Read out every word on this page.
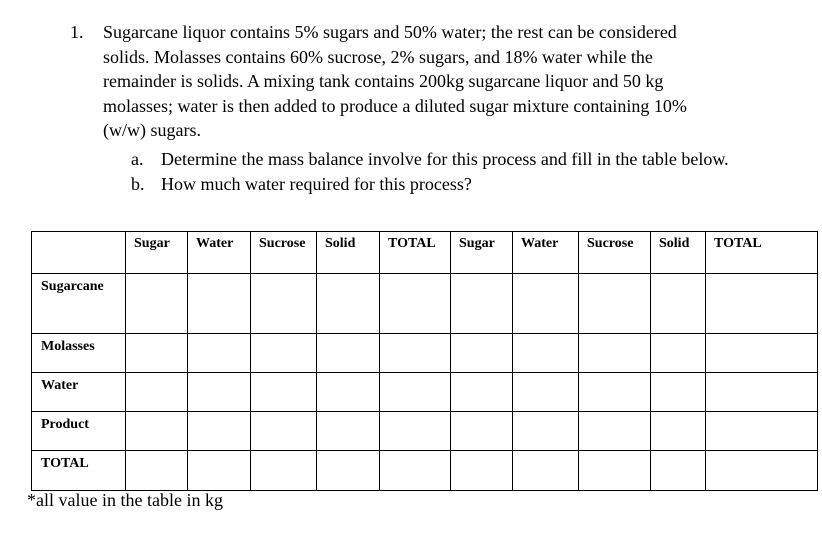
1. Sugarcane liquor contains 5% sugars and 50% water; the rest can be considered
solids. Molasses contains 60% sucrose, 2% sugars, and 18% water while the
remainder is solids. A mixing tank contains 200kg sugarcane liquor and 50 kg
molasses; water is then added to produce a diluted sugar mixture containing 10%
(w/w) sugars.
a. Determine the mass balance involve for this process and fill in the table below.
b. How much water required for this process?
	Sugar	Water	Sucrose	Solid	TOTAL	Sugar	Water	Sucrose	Solid	TOTAL
Sugarcane										
Molasses										
Water										
Product										
TOTAL										
*all value in the table in kg
